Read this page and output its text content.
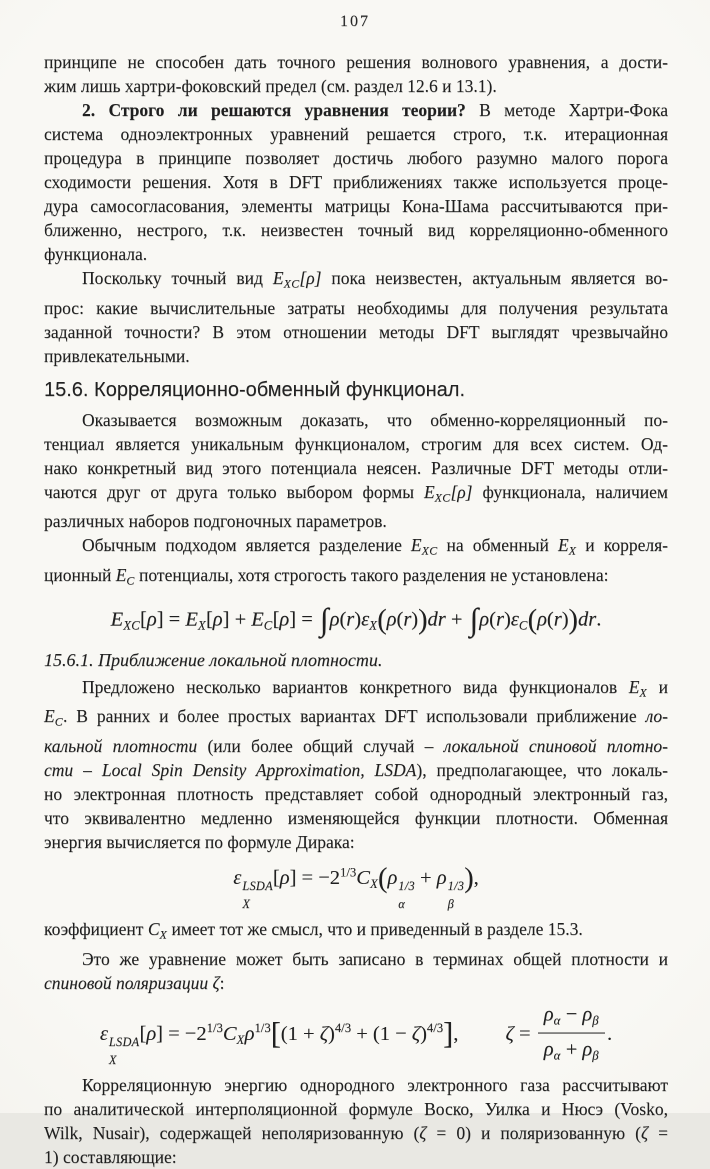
107
принципе не способен дать точного решения волнового уравнения, а дости-
жим лишь хартри-фоковский предел (см. раздел 12.6 и 13.1).
2. Строго ли решаются уравнения теории? В методе Хартри-Фока
система одноэлектронных уравнений решается строго, т.к. итерационная
процедура в принципе позволяет достичь любого разумно малого порога
сходимости решения. Хотя в DFT приближениях также используется проце-
дура самосогласования, элементы матрицы Кона-Шама рассчитываются при-
ближенно, нестрого, т.к. неизвестен точный вид корреляционно-обменного
функционала.
Поскольку точный вид $E_{XC}[\rho]$ пока неизвестен, актуальным является во-
прос: какие вычислительные затраты необходимы для получения результата
заданной точности? В этом отношении методы DFT выглядят чрезвычайно
привлекательными.
15.6. Корреляционно-обменный функционал.
Оказывается возможным доказать, что обменно-корреляционный по-
тенциал является уникальным функционалом, строгим для всех систем. Од-
нако конкретный вид этого потенциала неясен. Различные DFT методы отли-
чаются друг от друга только выбором формы $E_{XC}[\rho]$ функционала, наличием
различных наборов подгоночных параметров.
Обычным подходом является разделение $E_{XC}$ на обменный $E_X$ и корреля-
ционный $E_C$ потенциалы, хотя строгость такого разделения не установлена:
EXC[ρ] = EX[ρ] + EC[ρ] = ∫ρ(r)εX(ρ(r))dr + ∫ρ(r)εC(ρ(r))dr.
15.6.1. Приближение локальной плотности.
Предложено несколько вариантов конкретного вида функционалов $E_X$ и
$E_C$. В ранних и более простых вариантах DFT использовали приближение ло-
кальной плотности (или более общий случай – локальной спиновой плотно-
сти – Local Spin Density Approximation, LSDA), предполагающее, что локаль-
но электронная плотность представляет собой однородный электронный газ,
что эквивалентно медленно изменяющейся функции плотности. Обменная
энергия вычисляется по формуле Дирака:
ε LSDA
X
$[\rho] = -2^{1/3}CX(\rho$ 1/3
α
+ ρ 1/3
β
),
коэффициент $C_X$ имеет тот же смысл, что и приведенный в разделе 15.3.
Это же уравнение может быть записано в терминах общей плотности и
спиновой поляризации ζ:
ε LSDA
X
$[\rho] = -2^{1/3}CX\rho^{1/3}[(1 + \zeta)^{4/3} + (1 - \zeta)^{4/3}]$, $\zeta = \frac{\rho\alpha - \rho\beta}{\rho\alpha + \rho\beta}$ .
Корреляционную энергию однородного электронного газа рассчитывают
по аналитической интерполяционной формуле Воско, Уилка и Нюсэ (Vosko,
Wilk, Nusair), содержащей неполяризованную (ζ = 0) и поляризованную (ζ =
1) составляющие:
